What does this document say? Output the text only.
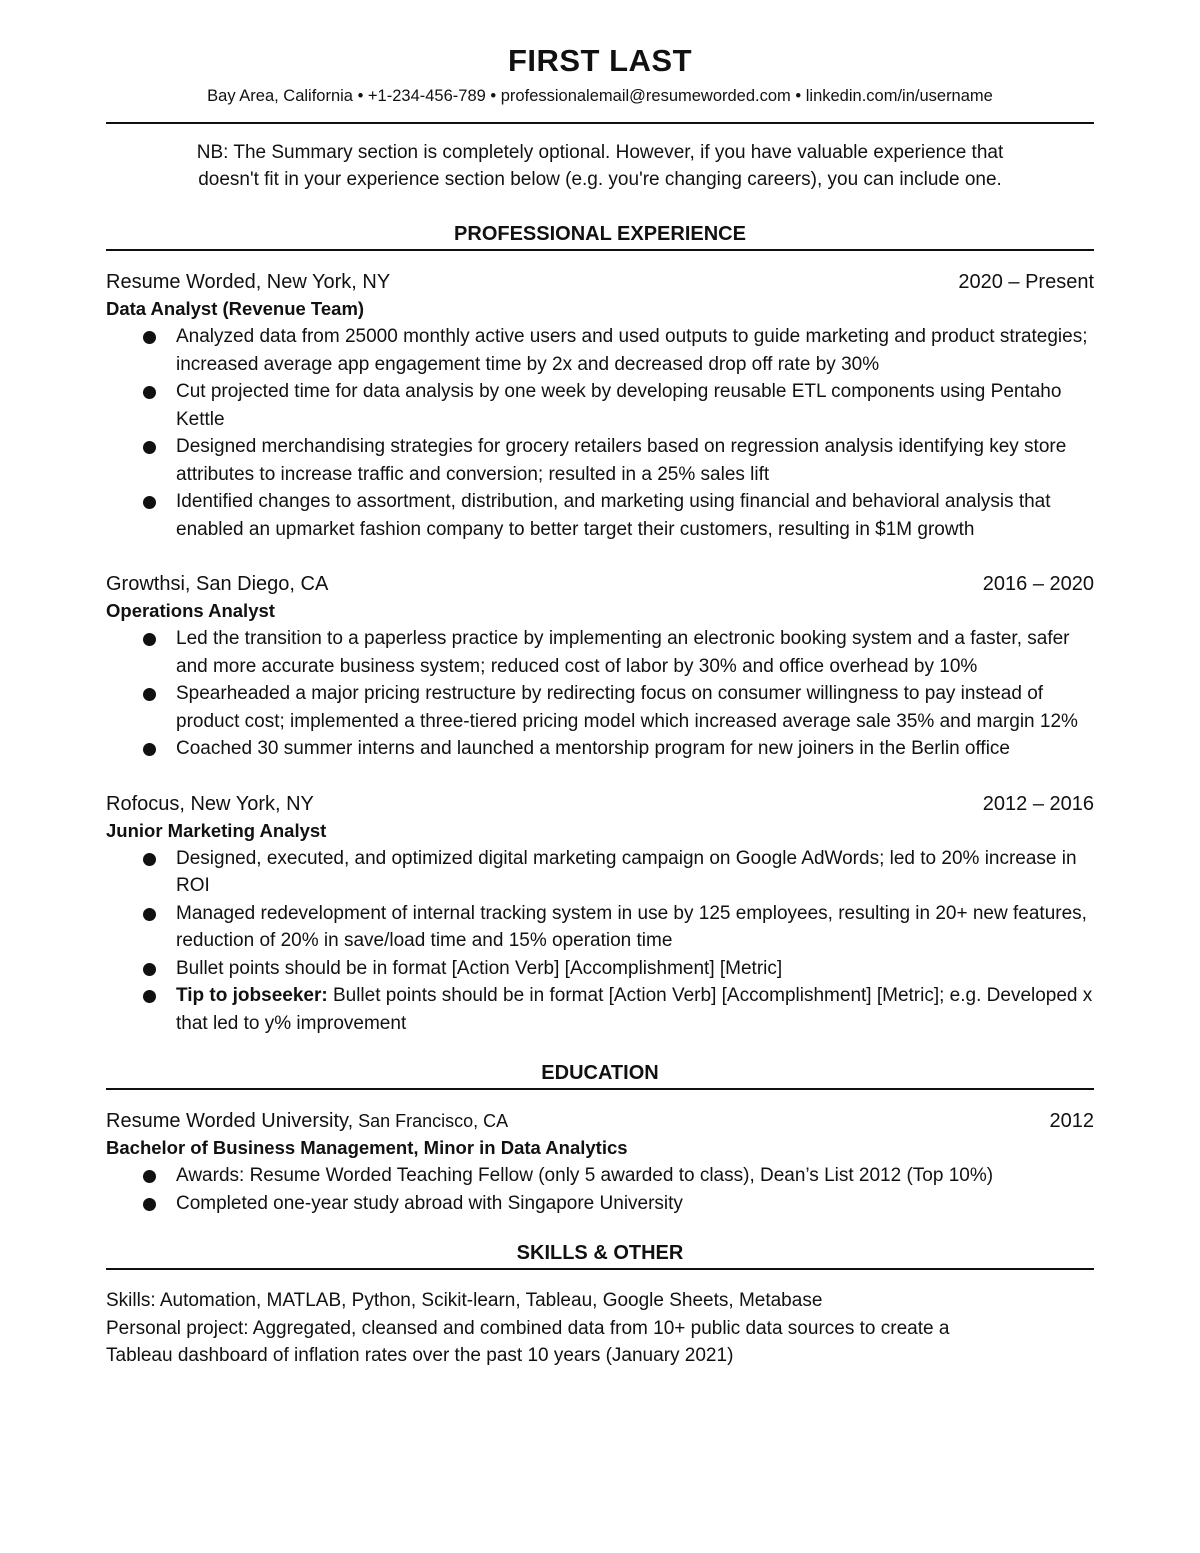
FIRST LAST
Bay Area, California • +1-234-456-789 • professionalemail@resumeworded.com • linkedin.com/in/username
NB: The Summary section is completely optional. However, if you have valuable experience that
doesn't fit in your experience section below (e.g. you're changing careers), you can include one.
PROFESSIONAL EXPERIENCE
Resume Worded, New York, NY	2020 – Present
Data Analyst (Revenue Team)
Analyzed data from 25000 monthly active users and used outputs to guide marketing and product strategies; increased average app engagement time by 2x and decreased drop off rate by 30%
Cut projected time for data analysis by one week by developing reusable ETL components using Pentaho Kettle
Designed merchandising strategies for grocery retailers based on regression analysis identifying key store attributes to increase traffic and conversion; resulted in a 25% sales lift
Identified changes to assortment, distribution, and marketing using financial and behavioral analysis that enabled an upmarket fashion company to better target their customers, resulting in $1M growth
Growthsi, San Diego, CA	2016 – 2020
Operations Analyst
Led the transition to a paperless practice by implementing an electronic booking system and a faster, safer and more accurate business system; reduced cost of labor by 30% and office overhead by 10%
Spearheaded a major pricing restructure by redirecting focus on consumer willingness to pay instead of product cost; implemented a three-tiered pricing model which increased average sale 35% and margin 12%
Coached 30 summer interns and launched a mentorship program for new joiners in the Berlin office
Rofocus, New York, NY	2012 – 2016
Junior Marketing Analyst
Designed, executed, and optimized digital marketing campaign on Google AdWords; led to 20% increase in ROI
Managed redevelopment of internal tracking system in use by 125 employees, resulting in 20+ new features, reduction of 20% in save/load time and 15% operation time
Bullet points should be in format [Action Verb] [Accomplishment] [Metric]
Tip to jobseeker: Bullet points should be in format [Action Verb] [Accomplishment] [Metric]; e.g. Developed x that led to y% improvement
EDUCATION
Resume Worded University, San Francisco, CA	2012
Bachelor of Business Management, Minor in Data Analytics
Awards: Resume Worded Teaching Fellow (only 5 awarded to class), Dean’s List 2012 (Top 10%)
Completed one-year study abroad with Singapore University
SKILLS & OTHER
Skills: Automation, MATLAB, Python, Scikit-learn, Tableau, Google Sheets, Metabase
Personal project: Aggregated, cleansed and combined data from 10+ public data sources to create a
Tableau dashboard of inflation rates over the past 10 years (January 2021)
